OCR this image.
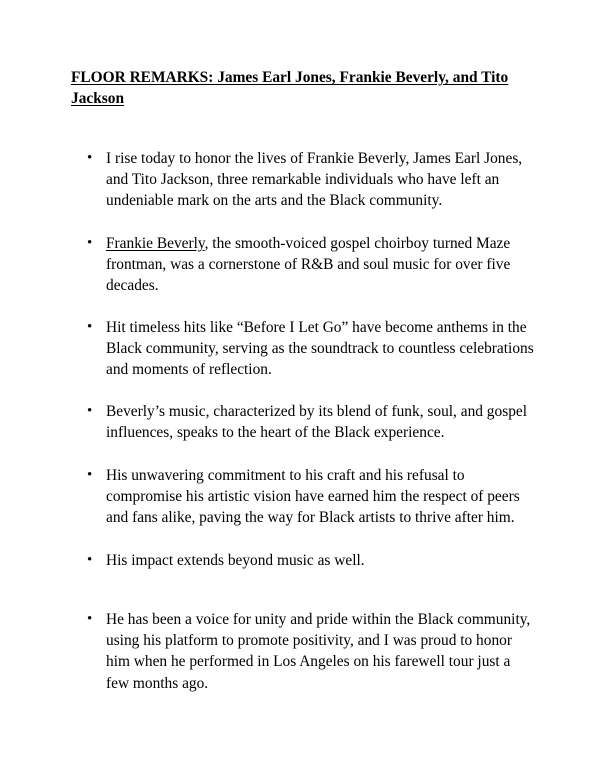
FLOOR REMARKS: James Earl Jones, Frankie Beverly, and Tito Jackson
• I rise today to honor the lives of Frankie Beverly, James Earl Jones, and Tito Jackson, three remarkable individuals who have left an undeniable mark on the arts and the Black community.
• Frankie Beverly, the smooth-voiced gospel choirboy turned Maze frontman, was a cornerstone of R&B and soul music for over five decades.
• Hit timeless hits like “Before I Let Go” have become anthems in the Black community, serving as the soundtrack to countless celebrations and moments of reflection.
• Beverly’s music, characterized by its blend of funk, soul, and gospel influences, speaks to the heart of the Black experience.
• His unwavering commitment to his craft and his refusal to compromise his artistic vision have earned him the respect of peers and fans alike, paving the way for Black artists to thrive after him.
• His impact extends beyond music as well.
• He has been a voice for unity and pride within the Black community, using his platform to promote positivity, and I was proud to honor him when he performed in Los Angeles on his farewell tour just a few months ago.
